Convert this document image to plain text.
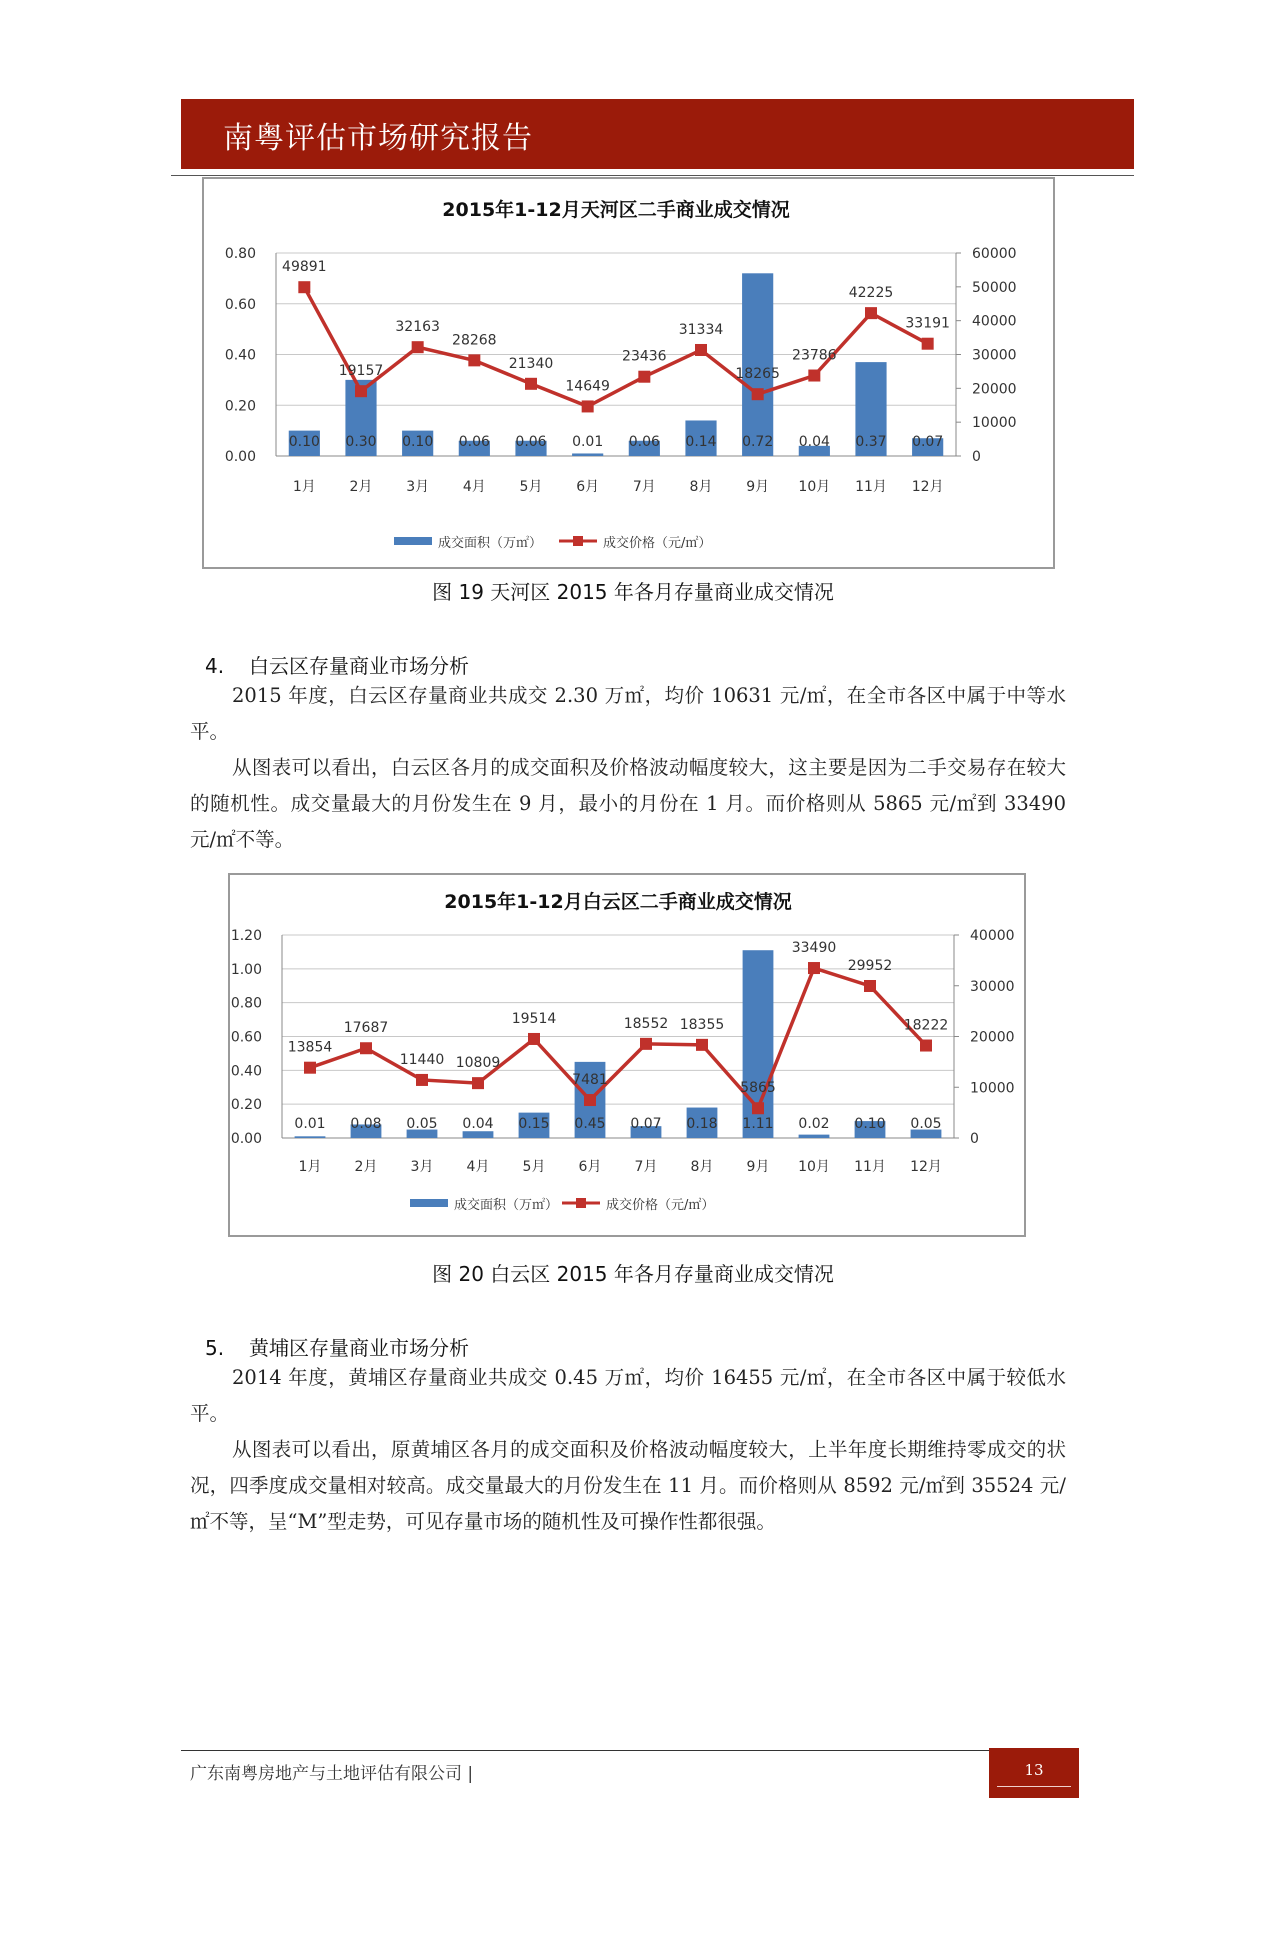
南粤评估市场研究报告
2015年1-12月天河区二手商业成交情况
0.00
0.20
0.40
0.60
0.80
0
10000
20000
30000
40000
50000
60000
0.10
1月
0.30
2月
0.10
3月
0.06
4月
0.06
5月
0.01
6月
0.06
7月
0.14
8月
0.72
9月
0.04
10月
0.37
11月
0.07
12月
49891
19157
32163
28268
21340
14649
23436
31334
18265
23786
42225
33191
成交面积（万㎡）	成交价格（元/㎡）
图 19 天河区 2015 年各月存量商业成交情况
4. 白云区存量商业市场分析

2015 年度，白云区存量商业共成交 2.30 万㎡，均价 10631 元/㎡，在全市各区中属于中等水平。

从图表可以看出，白云区各月的成交面积及价格波动幅度较大，这主要是因为二手交易存在较大的随机性。成交量最大的月份发生在 9 月，最小的月份在 1 月。而价格则从 5865 元/㎡到 33490 元/㎡不等。

2015年1-12月白云区二手商业成交情况
0.00
0.20
0.40
0.60
0.80
1.00
1.20
0
10000
20000
30000
40000
0.01
1月
0.08
2月
0.05
3月
0.04
4月
0.15
5月
0.45
6月
0.07
7月
0.18
8月
1.11
9月
0.02
10月
0.10
11月
0.05
12月
13854
17687
11440 10809
19514
7481
18552 18355
5865
33490
29952
18222
成交面积（万㎡）	成交价格（元/㎡）
图 20 白云区 2015 年各月存量商业成交情况
5. 黄埔区存量商业市场分析

2014 年度，黄埔区存量商业共成交 0.45 万㎡，均价 16455 元/㎡，在全市各区中属于较低水平。

从图表可以看出，原黄埔区各月的成交面积及价格波动幅度较大，上半年度长期维持零成交的状况，四季度成交量相对较高。成交量最大的月份发生在 11 月。而价格则从 8592 元/㎡到 35524 元/㎡不等，呈“M”型走势，可见存量市场的随机性及可操作性都很强。

广东南粤房地产与土地评估有限公司 |	13
